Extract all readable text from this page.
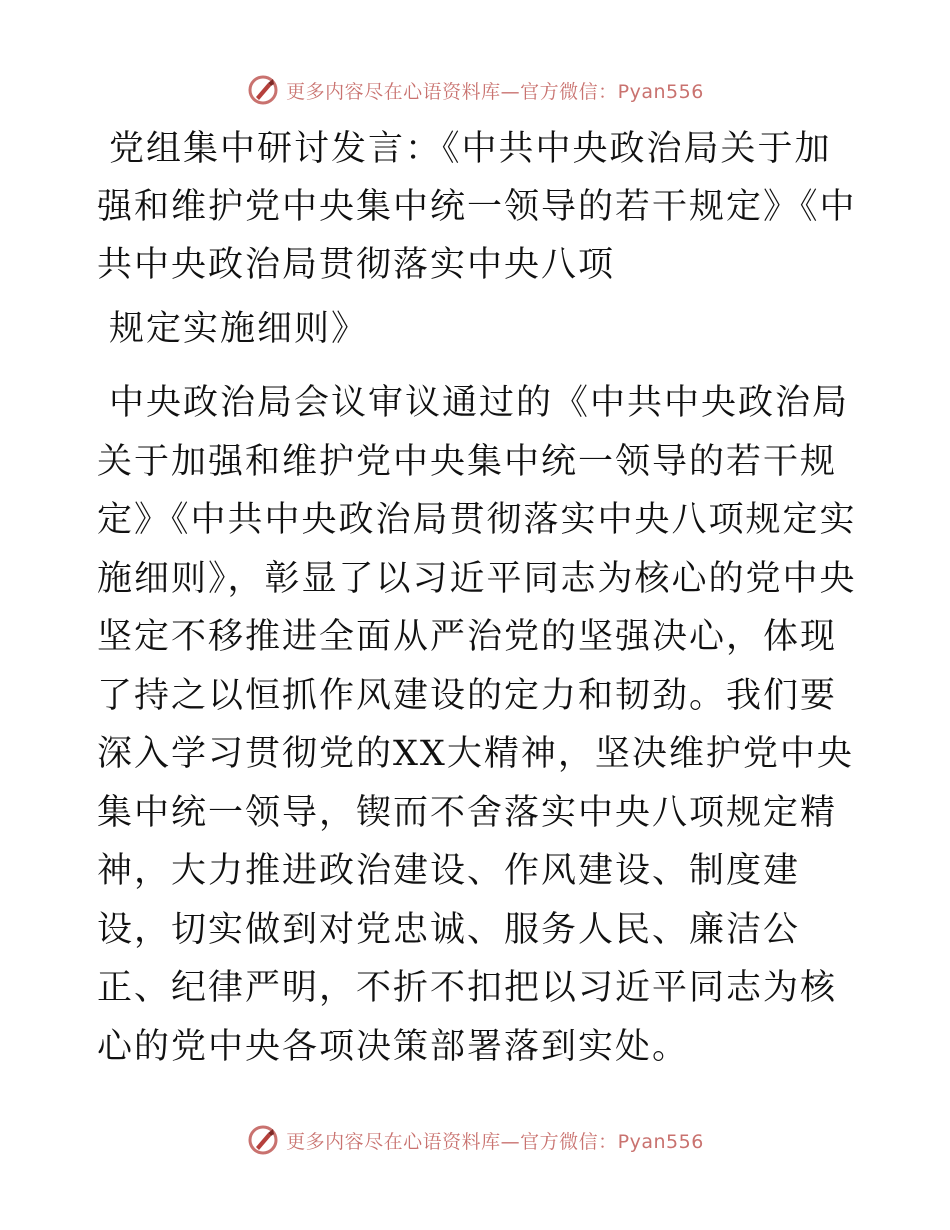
更多内容尽在心语资料库—官方微信：Pyan556
党组集中研讨发言：《中共中央政治局关于加强和维护党中央集中统一领导的若干规定》《中共中央政治局贯彻落实中央八项
规定实施细则》

中央政治局会议审议通过的《中共中央政治局关于加强和维护党中央集中统一领导的若干规定》《中共中央政治局贯彻落实中央八项规定实施细则》，彰显了以习近平同志为核心的党中央坚定不移推进全面从严治党的坚强决心，体现了持之以恒抓作风建设的定力和韧劲。我们要深入学习贯彻党的XX大精神，坚决维护党中央集中统一领导，锲而不舍落实中央八项规定精神，大力推进政治建设、作风建设、制度建设，切实做到对党忠诚、服务人民、廉洁公正、纪律严明，不折不扣把以习近平同志为核心的党中央各项决策部署落到实处。

更多内容尽在心语资料库—官方微信：Pyan556
